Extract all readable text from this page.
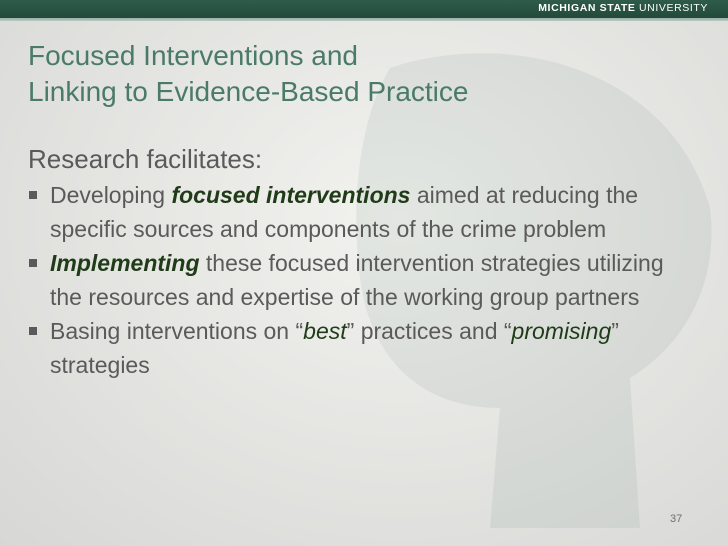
MICHIGAN STATE UNIVERSITY
Focused Interventions and
Linking to Evidence-Based Practice
Research facilitates:
Developing focused interventions aimed at reducing the specific sources and components of the crime problem
Implementing these focused intervention strategies utilizing the resources and expertise of the working group partners
Basing interventions on “best” practices and “promising” strategies
37
